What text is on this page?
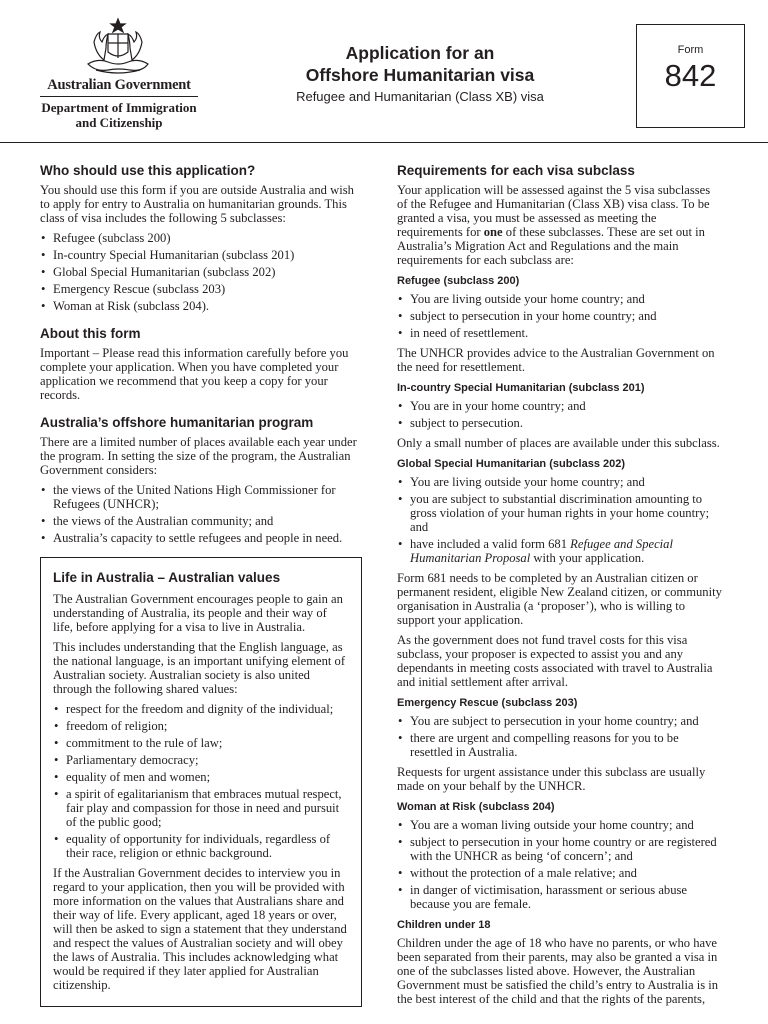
Australian Government
Department of Immigration
and Citizenship
Application for an
Offshore Humanitarian visa
Refugee and Humanitarian (Class XB) visa
Form
842
Who should use this application?

You should use this form if you are outside Australia and wish to apply for entry to Australia on humanitarian grounds. This class of visa includes the following 5 subclasses:

• Refugee (subclass 200)
• In-country Special Humanitarian (subclass 201)
• Global Special Humanitarian (subclass 202)
• Emergency Rescue (subclass 203)
• Woman at Risk (subclass 204).
About this form

Important – Please read this information carefully before you complete your application. When you have completed your application we recommend that you keep a copy for your records.

Australia’s offshore humanitarian program

There are a limited number of places available each year under the program. In setting the size of the program, the Australian Government considers:

• the views of the United Nations High Commissioner for Refugees (UNHCR);
• the views of the Australian community; and
• Australia’s capacity to settle refugees and people in need.
Life in Australia – Australian values

The Australian Government encourages people to gain an understanding of Australia, its people and their way of life, before applying for a visa to live in Australia.

This includes understanding that the English language, as the national language, is an important unifying element of Australian society. Australian society is also united through the following shared values:

• respect for the freedom and dignity of the individual;
• freedom of religion;
• commitment to the rule of law;
• Parliamentary democracy;
• equality of men and women;
• a spirit of egalitarianism that embraces mutual respect, fair play and compassion for those in need and pursuit of the public good;
• equality of opportunity for individuals, regardless of their race, religion or ethnic background.

If the Australian Government decides to interview you in regard to your application, then you will be provided with more information on the values that Australians share and their way of life. Every applicant, aged 18 years or over, will then be asked to sign a statement that they understand and respect the values of Australian society and will obey the laws of Australia. This includes acknowledging what would be required if they later applied for Australian citizenship.

Requirements for each visa subclass

Your application will be assessed against the 5 visa subclasses of the Refugee and Humanitarian (Class XB) visa class. To be granted a visa, you must be assessed as meeting the requirements for one of these subclasses. These are set out in Australia’s Migration Act and Regulations and the main requirements for each subclass are:

Refugee (subclass 200)
• You are living outside your home country; and
• subject to persecution in your home country; and
• in need of resettlement.

The UNHCR provides advice to the Australian Government on the need for resettlement.

In-country Special Humanitarian (subclass 201)
• You are in your home country; and
• subject to persecution.

Only a small number of places are available under this subclass.

Global Special Humanitarian (subclass 202)
• You are living outside your home country; and
• you are subject to substantial discrimination amounting to gross violation of your human rights in your home country; and
• have included a valid form 681 Refugee and Special Humanitarian Proposal with your application.

Form 681 needs to be completed by an Australian citizen or permanent resident, eligible New Zealand citizen, or community organisation in Australia (a ‘proposer’), who is willing to support your application.

As the government does not fund travel costs for this visa subclass, your proposer is expected to assist you and any dependants in meeting costs associated with travel to Australia and initial settlement after arrival.

Emergency Rescue (subclass 203)
• You are subject to persecution in your home country; and
• there are urgent and compelling reasons for you to be resettled in Australia.

Requests for urgent assistance under this subclass are usually made on your behalf by the UNHCR.

Woman at Risk (subclass 204)
• You are a woman living outside your home country; and
• subject to persecution in your home country or are registered with the UNHCR as being ‘of concern’; and
• without the protection of a male relative; and
• in danger of victimisation, harassment or serious abuse because you are female.
Children under 18

Children under the age of 18 who have no parents, or who have been separated from their parents, may also be granted a visa in one of the subclasses listed above. However, the Australian Government must be satisfied the child’s entry to Australia is in the best interest of the child and that the rights of the parents,
